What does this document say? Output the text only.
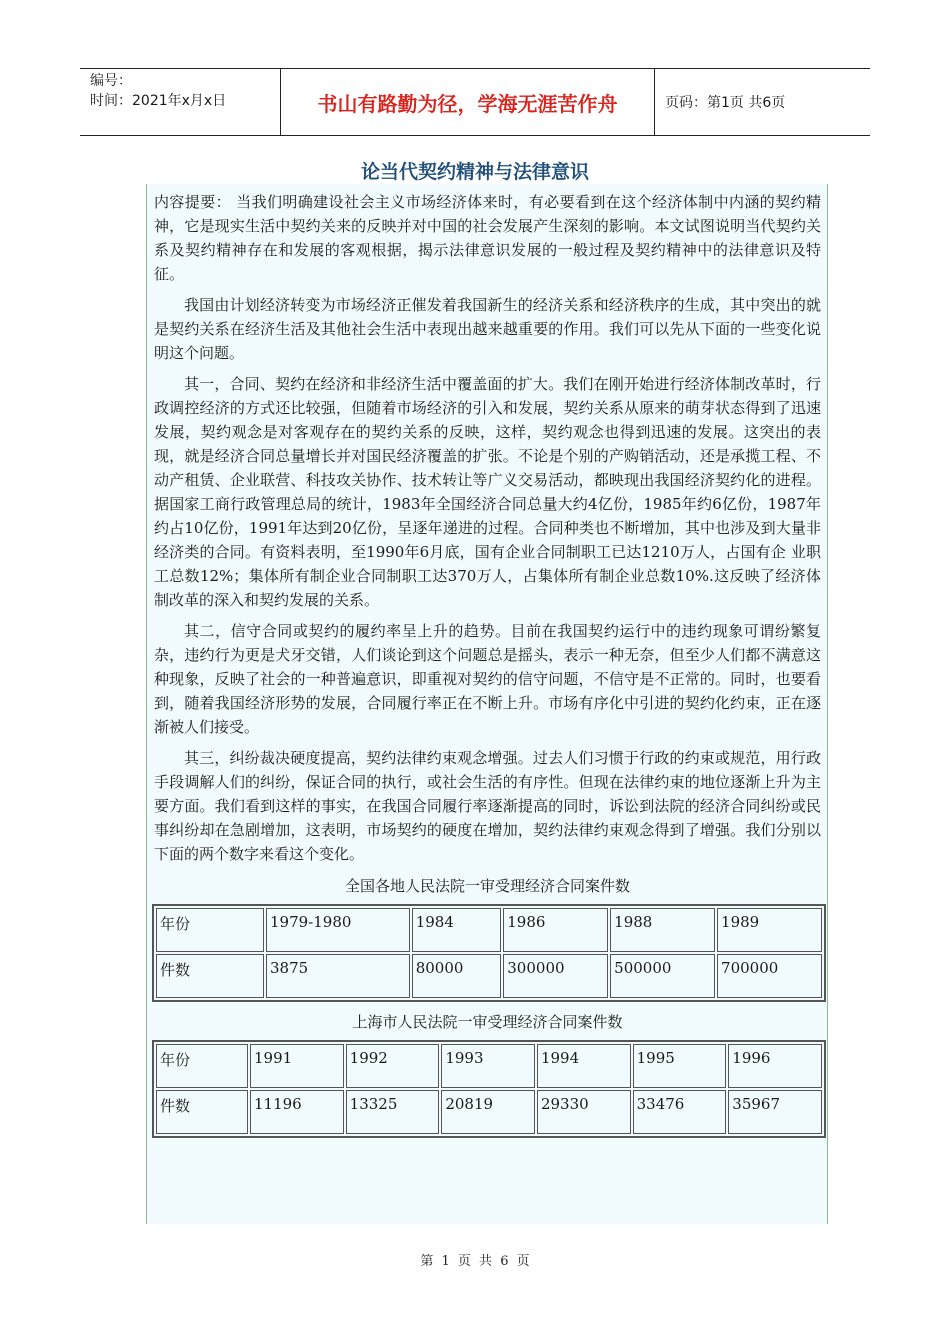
编号：
时间：2021年x月x日	书山有路勤为径，学海无涯苦作舟	页码：第1页 共6页
论当代契约精神与法律意识

内容提要： 当我们明确建设社会主义市场经济体来时，有必要看到在这个经济体制中内涵的契约精神，它是现实生活中契约关来的反映并对中国的社会发展产生深刻的影响。本文试图说明当代契约关系及契约精神存在和发展的客观根据，揭示法律意识发展的一般过程及契约精神中的法律意识及特征。

我国由计划经济转变为市场经济正催发着我国新生的经济关系和经济秩序的生成，其中突出的就是契约关系在经济生活及其他社会生活中表现出越来越重要的作用。我们可以先从下面的一些变化说明这个问题。

其一，合同、契约在经济和非经济生活中覆盖面的扩大。我们在刚开始进行经济体制改革时，行政调控经济的方式还比较强，但随着市场经济的引入和发展，契约关系从原来的萌芽状态得到了迅速发展，契约观念是对客观存在的契约关系的反映，这样，契约观念也得到迅速的发展。这突出的表现，就是经济合同总量增长并对国民经济覆盖的扩张。不论是个别的产购销活动，还是承揽工程、不动产租赁、企业联营、科技攻关协作、技术转让等广义交易活动，都映现出我国经济契约化的进程。据国家工商行政管理总局的统计，1983年全国经济合同总量大约4亿份，1985年约6亿份，1987年约占10亿份，1991年达到20亿份，呈逐年递进的过程。合同种类也不断增加，其中也涉及到大量非经济类的合同。有资料表明，至1990年6月底，国有企业合同制职工已达1210万人，占国有企 业职工总数12%；集体所有制企业合同制职工达370万人，占集体所有制企业总数10%.这反映了经济体制改革的深入和契约发展的关系。

其二，信守合同或契约的履约率呈上升的趋势。目前在我国契约运行中的违约现象可谓纷繁复杂，违约行为更是犬牙交错，人们谈论到这个问题总是摇头，表示一种无奈，但至少人们都不满意这种现象，反映了社会的一种普遍意识，即重视对契约的信守问题，不信守是不正常的。同时，也要看到，随着我国经济形势的发展，合同履行率正在不断上升。市场有序化中引进的契约化约束，正在逐渐被人们接受。

其三，纠纷裁决硬度提高，契约法律约束观念增强。过去人们习惯于行政的约束或规范，用行政手段调解人们的纠纷，保证合同的执行，或社会生活的有序性。但现在法律约束的地位逐渐上升为主要方面。我们看到这样的事实，在我国合同履行率逐渐提高的同时，诉讼到法院的经济合同纠纷或民事纠纷却在急剧增加，这表明，市场契约的硬度在增加，契约法律约束观念得到了增强。我们分别以下面的两个数字来看这个变化。

全国各地人民法院一审受理经济合同案件数
年份	1979-1980	1984	1986	1988	1989
件数	3875	80000	300000	500000	700000
上海市人民法院一审受理经济合同案件数
年份	1991	1992	1993	1994	1995	1996
件数	11196	13325	20819	29330	33476	35967
第 1 页 共 6 页
